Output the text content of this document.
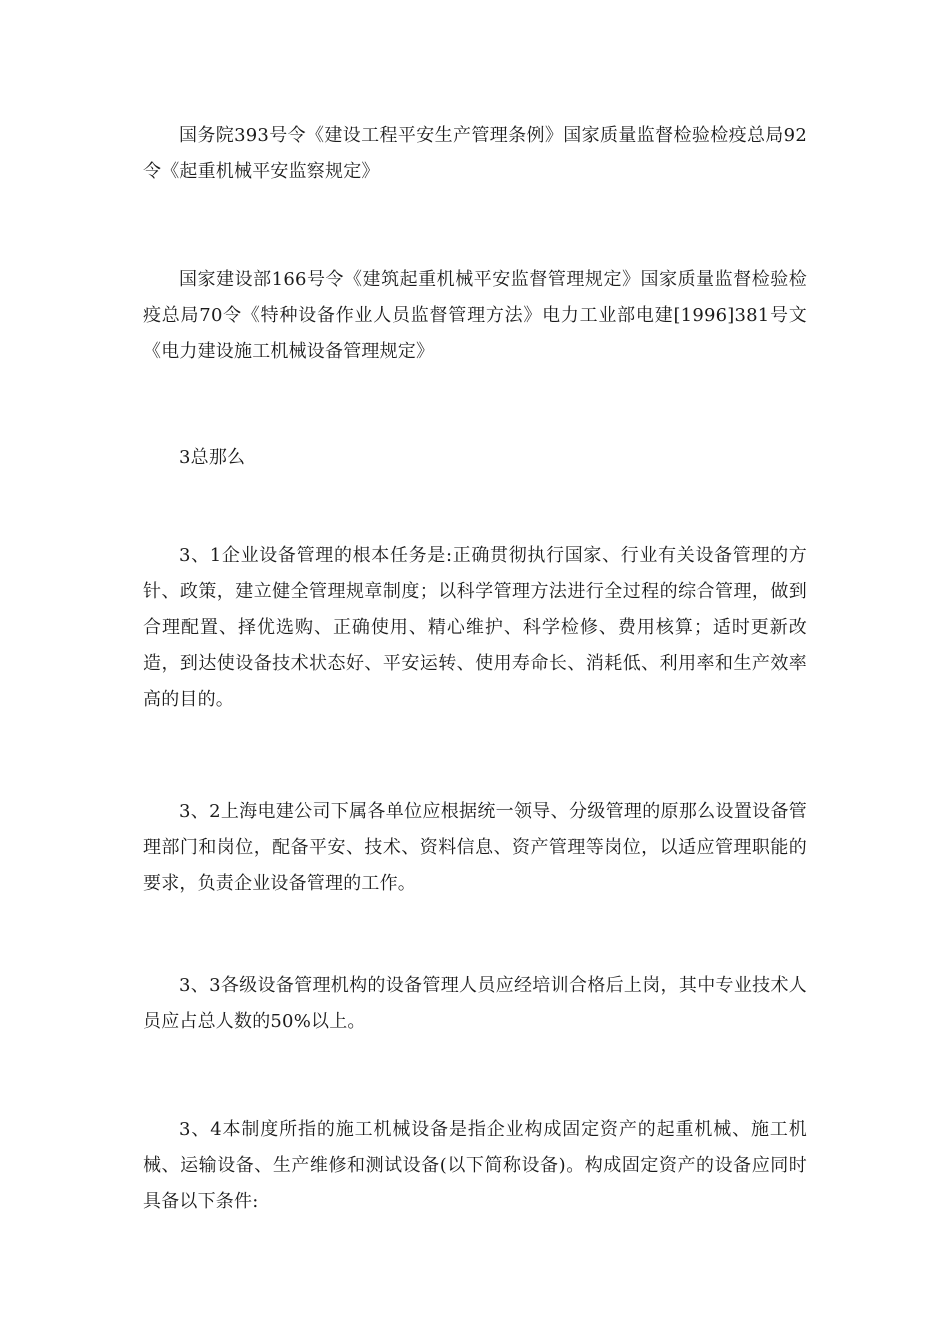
国务院393号令《建设工程平安生产管理条例》国家质量监督检验检疫总局92令《起重机械平安监察规定》

国家建设部166号令《建筑起重机械平安监督管理规定》国家质量监督检验检疫总局70令《特种设备作业人员监督管理方法》电力工业部电建[1996]381号文《电力建设施工机械设备管理规定》

3总那么

3、1企业设备管理的根本任务是:正确贯彻执行国家、行业有关设备管理的方针、政策，建立健全管理规章制度；以科学管理方法进行全过程的综合管理，做到合理配置、择优选购、正确使用、精心维护、科学检修、费用核算；适时更新改造，到达使设备技术状态好、平安运转、使用寿命长、消耗低、利用率和生产效率高的目的。

3、2上海电建公司下属各单位应根据统一领导、分级管理的原那么设置设备管理部门和岗位，配备平安、技术、资料信息、资产管理等岗位，以适应管理职能的要求，负责企业设备管理的工作。

3、3各级设备管理机构的设备管理人员应经培训合格后上岗，其中专业技术人员应占总人数的50%以上。

3、4本制度所指的施工机械设备是指企业构成固定资产的起重机械、施工机械、运输设备、生产维修和测试设备(以下简称设备)。构成固定资产的设备应同时具备以下条件:
